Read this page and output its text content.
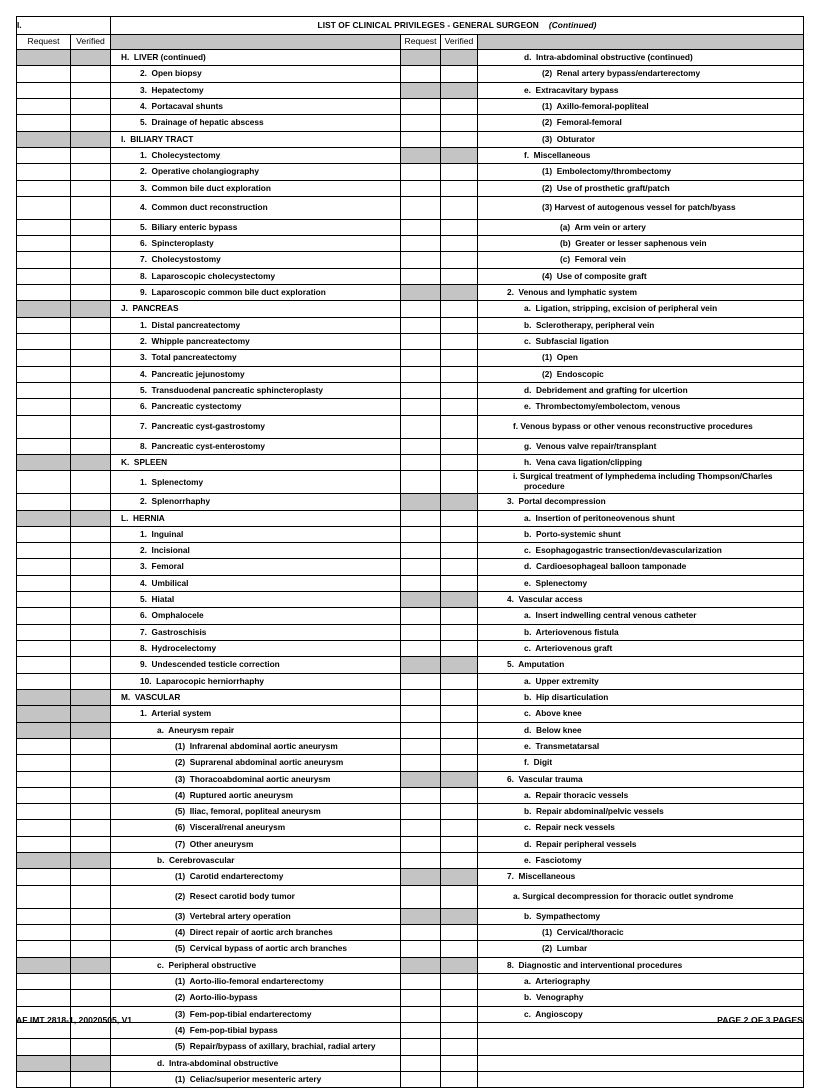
I.		LIST OF CLINICAL PRIVILEGES - GENERAL SURGEON (Continued)			
Request	Verified		Request	Verified	
		H.  LIVER (continued)			d.  Intra-abdominal obstructive (continued)
		2.  Open biopsy			(2)  Renal artery bypass/endarterectomy
		3.  Hepatectomy			e.  Extracavitary bypass
		4.  Portacaval shunts			(1)  Axillo-femoral-popliteal
		5.  Drainage of hepatic abscess			(2)  Femoral-femoral
		I.  BILIARY TRACT			(3)  Obturator
		1.  Cholecystectomy			f.  Miscellaneous
		2.  Operative cholangiography			(1)  Embolectomy/thrombectomy
		3.  Common bile duct exploration			(2)  Use of prosthetic graft/patch
		4.  Common duct reconstruction			(3) Harvest of autogenous vessel for patch/byass

		5.  Biliary enteric bypass			(a)  Arm vein or artery
		6.  Spincteroplasty			(b)  Greater or lesser saphenous vein
		7.  Cholecystostomy			(c)  Femoral vein
		8.  Laparoscopic cholecystectomy			(4)  Use of composite graft
		9.  Laparoscopic common bile duct exploration			2.  Venous and lymphatic system
		J.  PANCREAS			a.  Ligation, stripping, excision of peripheral vein
		1.  Distal pancreatectomy			b.  Sclerotherapy, peripheral vein
		2.  Whipple pancreatectomy			c.  Subfascial ligation
		3.  Total pancreatectomy			(1)  Open
		4.  Pancreatic jejunostomy			(2)  Endoscopic
		5.  Transduodenal pancreatic sphincteroplasty			d.  Debridement and grafting for ulcertion
		6.  Pancreatic cystectomy			e.  Thrombectomy/embolectom, venous
		7.  Pancreatic cyst-gastrostomy			f. Venous bypass or other venous reconstructive procedures

		8.  Pancreatic cyst-enterostomy			g.  Venous valve repair/transplant
		K.  SPLEEN			h.  Vena cava ligation/clipping
		1.  Splenectomy			i. Surgical treatment of lymphedema including Thompson/Charles procedure

		2.  Splenorrhaphy			3.  Portal decompression
		L.  HERNIA			a.  Insertion of peritoneovenous shunt
		1.  Inguinal			b.  Porto-systemic shunt
		2.  Incisional			c.  Esophagogastric transection/devascularization
		3.  Femoral			d.  Cardioesophageal balloon tamponade
		4.  Umbilical			e.  Splenectomy
		5.  Hiatal			4.  Vascular access
		6.  Omphalocele			a.  Insert indwelling central venous catheter
		7.  Gastroschisis			b.  Arteriovenous fistula
		8.  Hydrocelectomy			c.  Arteriovenous graft
		9.  Undescended testicle correction			5.  Amputation
		10.  Laparocopic herniorrhaphy			a.  Upper extremity
		M.  VASCULAR			b.  Hip disarticulation
		1.  Arterial system			c.  Above knee
		a.  Aneurysm repair			d.  Below knee
		(1)  Infrarenal abdominal aortic aneurysm			e.  Transmetatarsal
		(2)  Suprarenal abdominal aortic aneurysm			f.  Digit
		(3)  Thoracoabdominal aortic aneurysm			6.  Vascular trauma
		(4)  Ruptured aortic aneurysm			a.  Repair thoracic vessels
		(5)  Iliac, femoral, popliteal aneurysm			b.  Repair abdominal/pelvic vessels
		(6)  Visceral/renal aneurysm			c.  Repair neck vessels
		(7)  Other aneurysm			d.  Repair peripheral vessels
		b.  Cerebrovascular			e.  Fasciotomy
		(1)  Carotid endarterectomy			7.  Miscellaneous
		(2)  Resect carotid body tumor			a. Surgical decompression for thoracic outlet syndrome

		(3)  Vertebral artery operation			b.  Sympathectomy
		(4)  Direct repair of aortic arch branches			(1)  Cervical/thoracic
		(5)  Cervical bypass of aortic arch branches			(2)  Lumbar
		c.  Peripheral obstructive			8.  Diagnostic and interventional procedures
		(1)  Aorto-ilio-femoral endarterectomy			a.  Arteriography
		(2)  Aorto-ilio-bypass			b.  Venography
		(3)  Fem-pop-tibial endarterectomy			c.  Angioscopy
		(4)  Fem-pop-tibial bypass			
		(5)  Repair/bypass of axillary, brachial, radial artery			
		d.  Intra-abdominal obstructive			
		(1)  Celiac/superior mesenteric artery			
AF IMT 2818-1, 20020505, V1	PAGE 2 OF 3 PAGES
